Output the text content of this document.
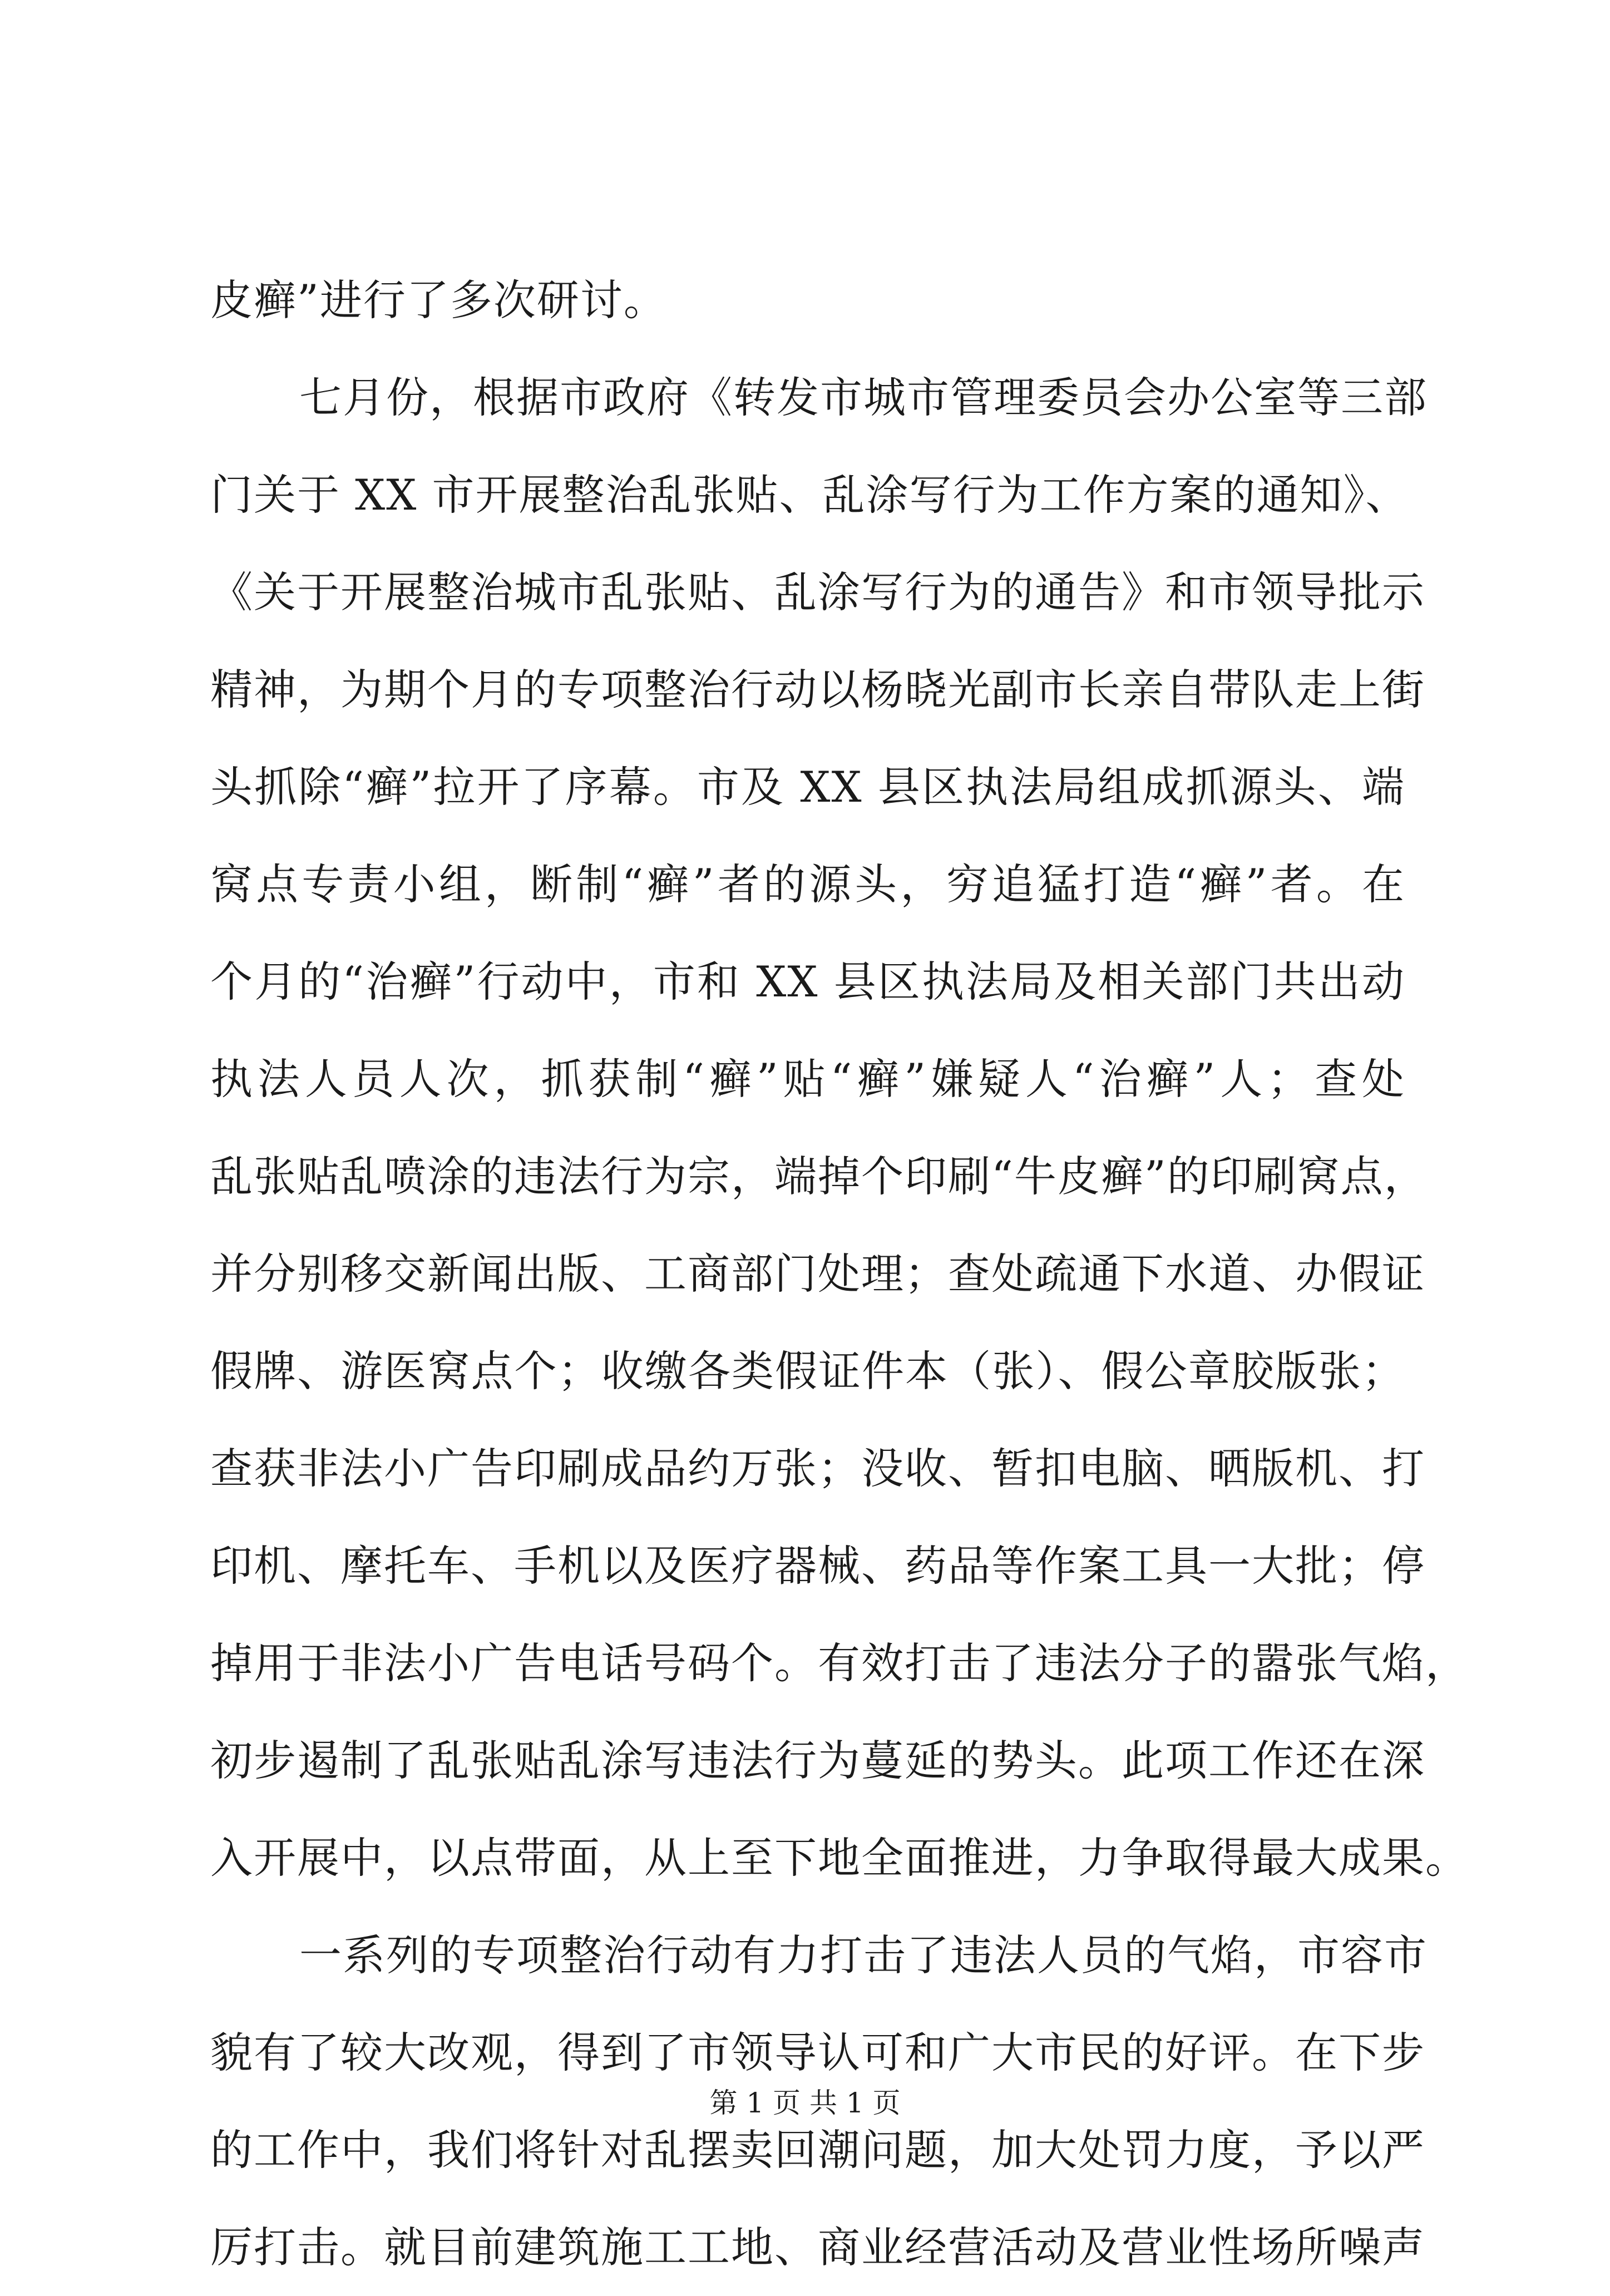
皮癣”进行了多次研讨。
七月份，根据市政府《转发市城市管理委员会办公室等三部
门关于 XX 市开展整治乱张贴、乱涂写行为工作方案的通知》、
《关于开展整治城市乱张贴、乱涂写行为的通告》和市领导批示
精神，为期个月的专项整治行动以杨晓光副市长亲自带队走上街
头抓除“癣”拉开了序幕。市及 XX 县区执法局组成抓源头、端
窝点专责小组，断制“癣”者的源头，穷追猛打造“癣”者。在
个月的“治癣”行动中，市和 XX 县区执法局及相关部门共出动
执法人员人次，抓获制“癣”贴“癣”嫌疑人“治癣”人；查处
乱张贴乱喷涂的违法行为宗，端掉个印刷“牛皮癣”的印刷窝点，
并分别移交新闻出版、工商部门处理；查处疏通下水道、办假证
假牌、游医窝点个；收缴各类假证件本（张）、假公章胶版张；
查获非法小广告印刷成品约万张；没收、暂扣电脑、晒版机、打
印机、摩托车、手机以及医疗器械、药品等作案工具一大批；停
掉用于非法小广告电话号码个。有效打击了违法分子的嚣张气焰，
初步遏制了乱张贴乱涂写违法行为蔓延的势头。此项工作还在深
入开展中，以点带面，从上至下地全面推进，力争取得最大成果。
一系列的专项整治行动有力打击了违法人员的气焰，市容市
貌有了较大改观，得到了市领导认可和广大市民的好评。在下步
的工作中，我们将针对乱摆卖回潮问题，加大处罚力度，予以严
厉打击。就目前建筑施工工地、商业经营活动及营业性场所噪声
第 1 页 共 1 页
